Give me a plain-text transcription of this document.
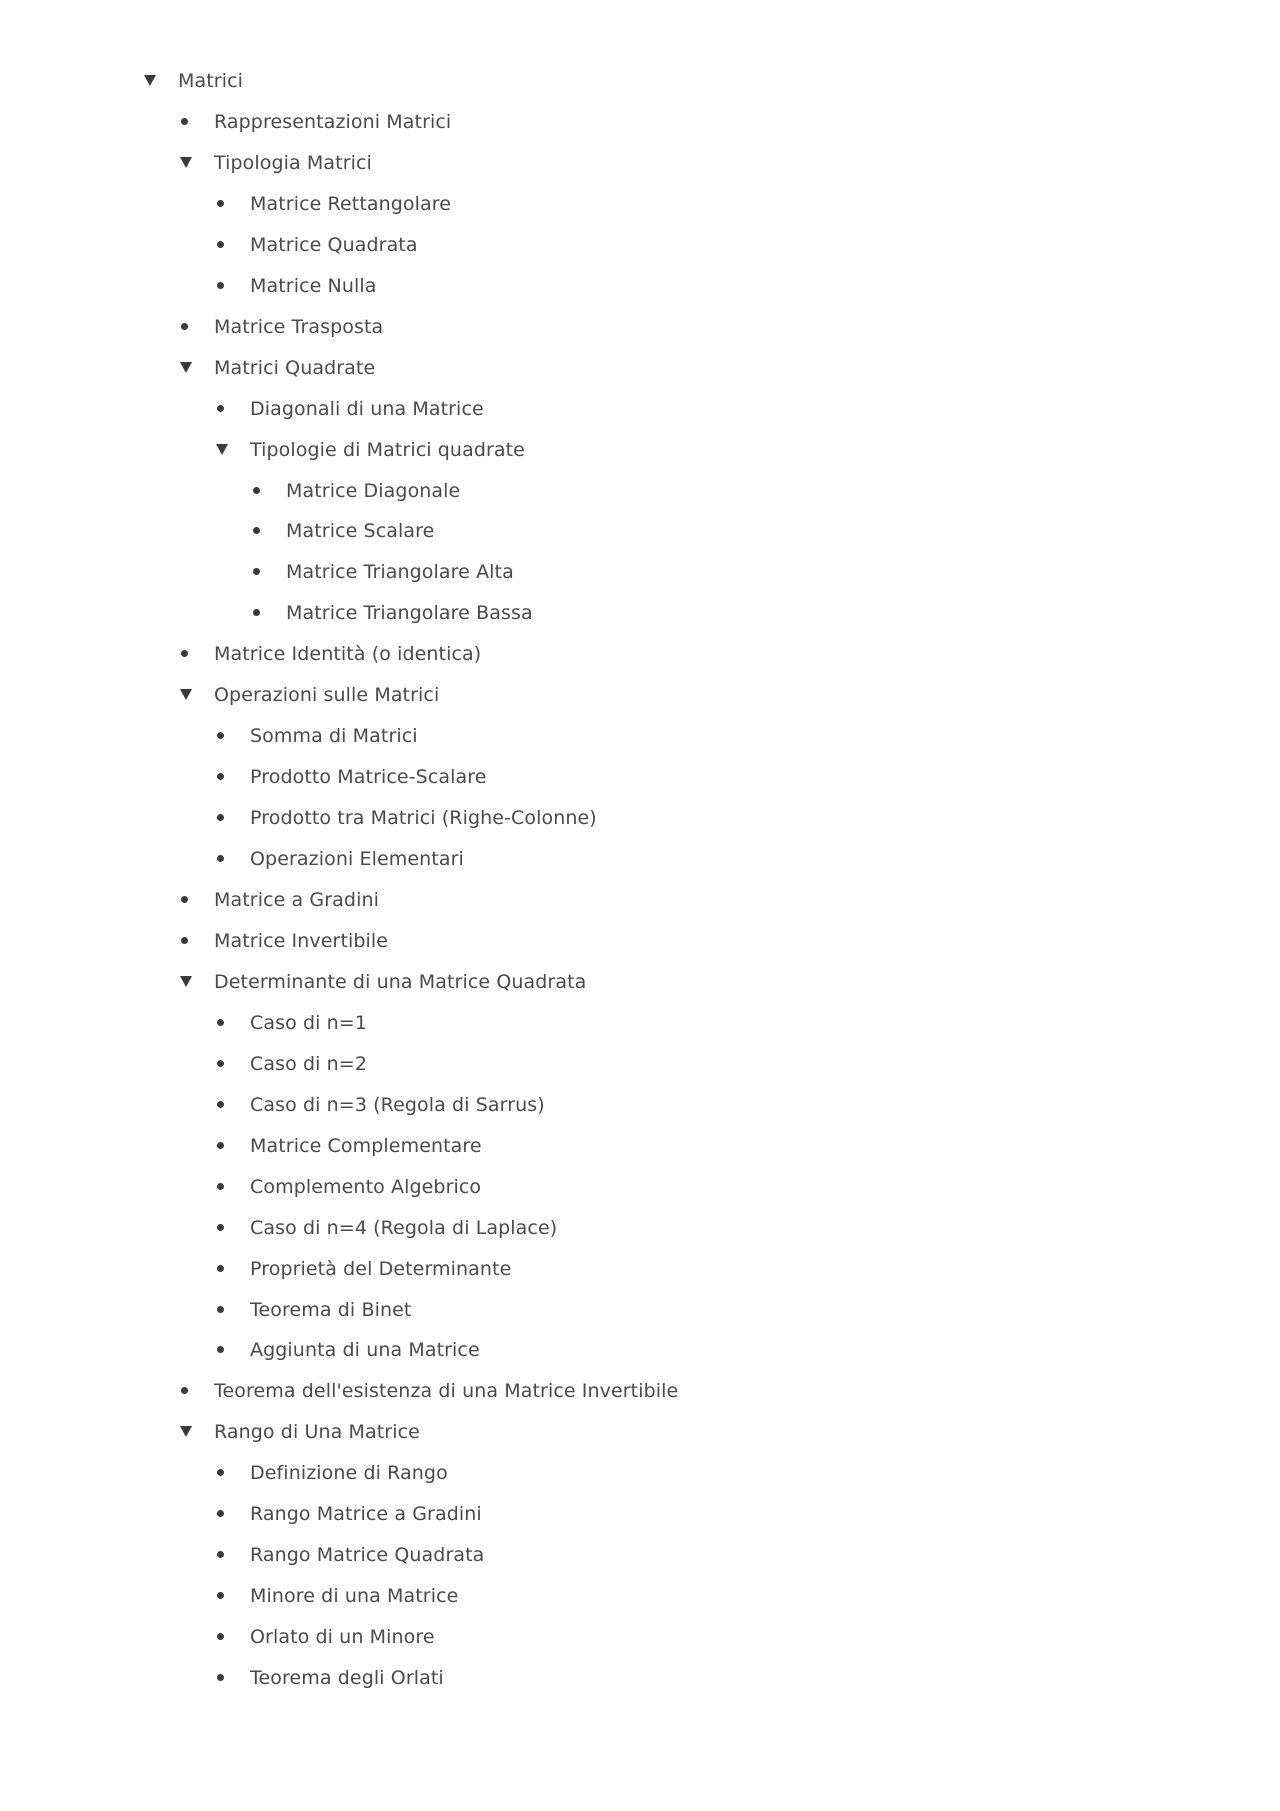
Matrici
Rappresentazioni Matrici
Tipologia Matrici
Matrice Rettangolare
Matrice Quadrata
Matrice Nulla
Matrice Trasposta
Matrici Quadrate
Diagonali di una Matrice
Tipologie di Matrici quadrate
Matrice Diagonale
Matrice Scalare
Matrice Triangolare Alta
Matrice Triangolare Bassa
Matrice Identità (o identica)
Operazioni sulle Matrici
Somma di Matrici
Prodotto Matrice-Scalare
Prodotto tra Matrici (Righe-Colonne)
Operazioni Elementari
Matrice a Gradini
Matrice Invertibile
Determinante di una Matrice Quadrata
Caso di n=1
Caso di n=2
Caso di n=3 (Regola di Sarrus)
Matrice Complementare
Complemento Algebrico
Caso di n=4 (Regola di Laplace)
Proprietà del Determinante
Teorema di Binet
Aggiunta di una Matrice
Teorema dell'esistenza di una Matrice Invertibile
Rango di Una Matrice
Definizione di Rango
Rango Matrice a Gradini
Rango Matrice Quadrata
Minore di una Matrice
Orlato di un Minore
Teorema degli Orlati
